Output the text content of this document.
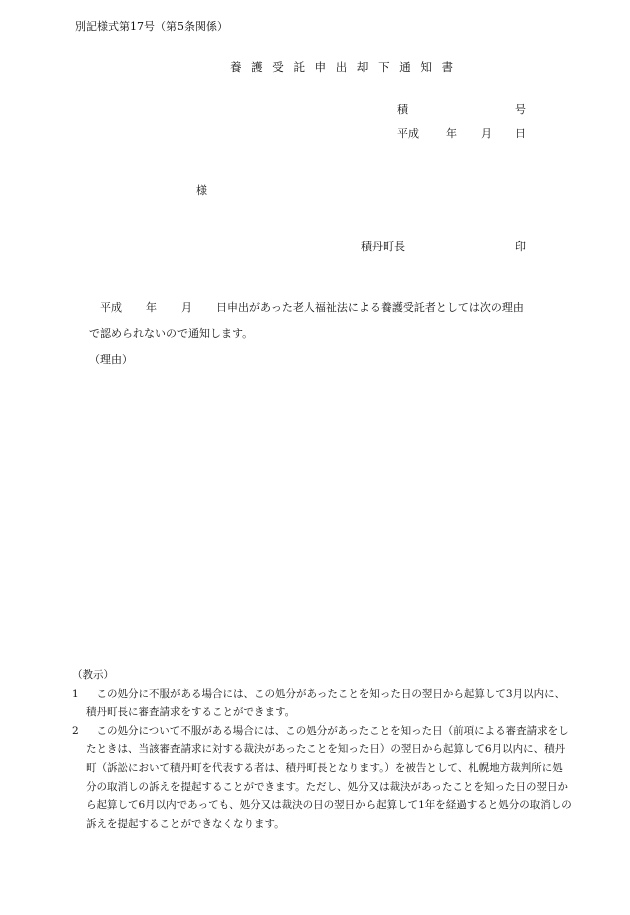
別記様式第17号（第5条関係）
養 護 受 託 申 出 却 下 通 知 書
積	号
平成 年 月 日
様
積丹町長	印
平成 年 月 日申出があった老人福祉法による養護受託者としては次の理由
で認められないので通知します。
（理由）
（教示）
1	この処分に不服がある場合には、この処分があったことを知った日の翌日から起算して3月以内に、積丹町長に審査請求をすることができます。
2	この処分について不服がある場合には、この処分があったことを知った日（前項による審査請求をしたときは、当該審査請求に対する裁決があったことを知った日）の翌日から起算して6月以内に、積丹町（訴訟において積丹町を代表する者は、積丹町長となります。）を被告として、札幌地方裁判所に処分の取消しの訴えを提起することができます。ただし、処分又は裁決があったことを知った日の翌日から起算して6月以内であっても、処分又は裁決の日の翌日から起算して1年を経過すると処分の取消しの訴えを提起することができなくなります。
